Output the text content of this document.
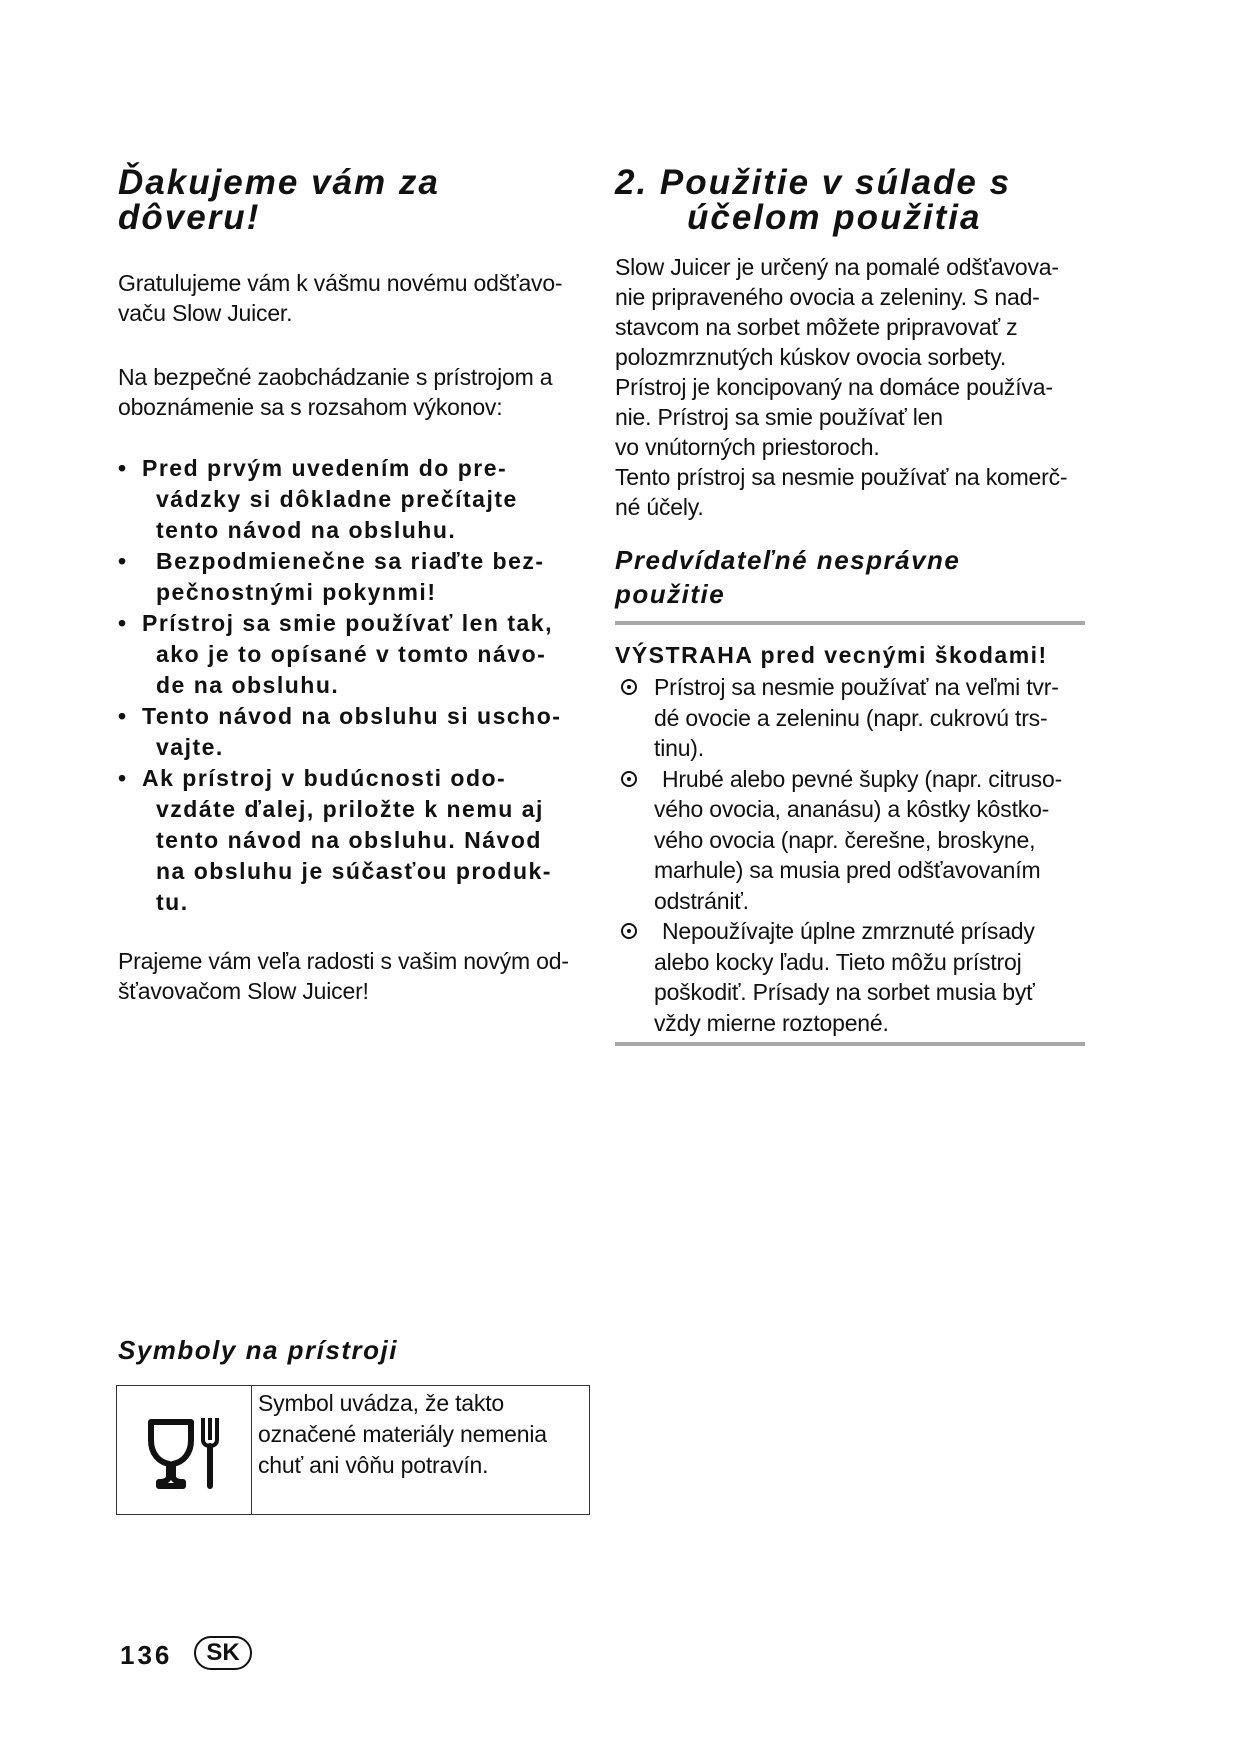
Ďakujeme vám za
dôveru!

Gratulujeme vám k vášmu novému odšťavo-
vaču Slow Juicer.

Na bezpečné zaobchádzanie s prístrojom a
oboznámenie sa s rozsahom výkonov:

• Pred prvým uvedením do pre-
vádzky si dôkladne prečítajte
tento návod na obsluhu.
• Bezpodmienečne sa riaďte bez-
pečnostnými pokynmi!
• Prístroj sa smie používať len tak,
ako je to opísané v tomto návo-
de na obsluhu.
• Tento návod na obsluhu si uscho-
vajte.
• Ak prístroj v budúcnosti odo-
vzdáte ďalej, priložte k nemu aj
tento návod na obsluhu. Návod
na obsluhu je súčasťou produk-
tu.

Prajeme vám veľa radosti s vašim novým od-
šťavovačom Slow Juicer!

Symboly na prístroji

Symbol uvádza, že takto
označené materiály nemenia
chuť ani vôňu potravín.

2. Použitie v súlade s
účelom použitia

Slow Juicer je určený na pomalé odšťavova-
nie pripraveného ovocia a zeleniny. S nad-
stavcom na sorbet môžete pripravovať z
polozmrznutých kúskov ovocia sorbety.
Prístroj je koncipovaný na domáce používa-
nie. Prístroj sa smie používať len
vo vnútorných priestoroch.
Tento prístroj sa nesmie používať na komerč-
né účely.

Predvídateľné nesprávne
použitie

VÝSTRAHA pred vecnými škodami!

Prístroj sa nesmie používať na veľmi tvr-
dé ovocie a zeleninu (napr. cukrovú trs-
tinu).
Hrubé alebo pevné šupky (napr. citruso-
vého ovocia, ananásu) a kôstky kôstko-
vého ovocia (napr. čerešne, broskyne,
marhule) sa musia pred odšťavovaním
odstrániť.
Nepoužívajte úplne zmrznuté prísady
alebo kocky ľadu. Tieto môžu prístroj
poškodiť. Prísady na sorbet musia byť
vždy mierne roztopené.
136	SK
